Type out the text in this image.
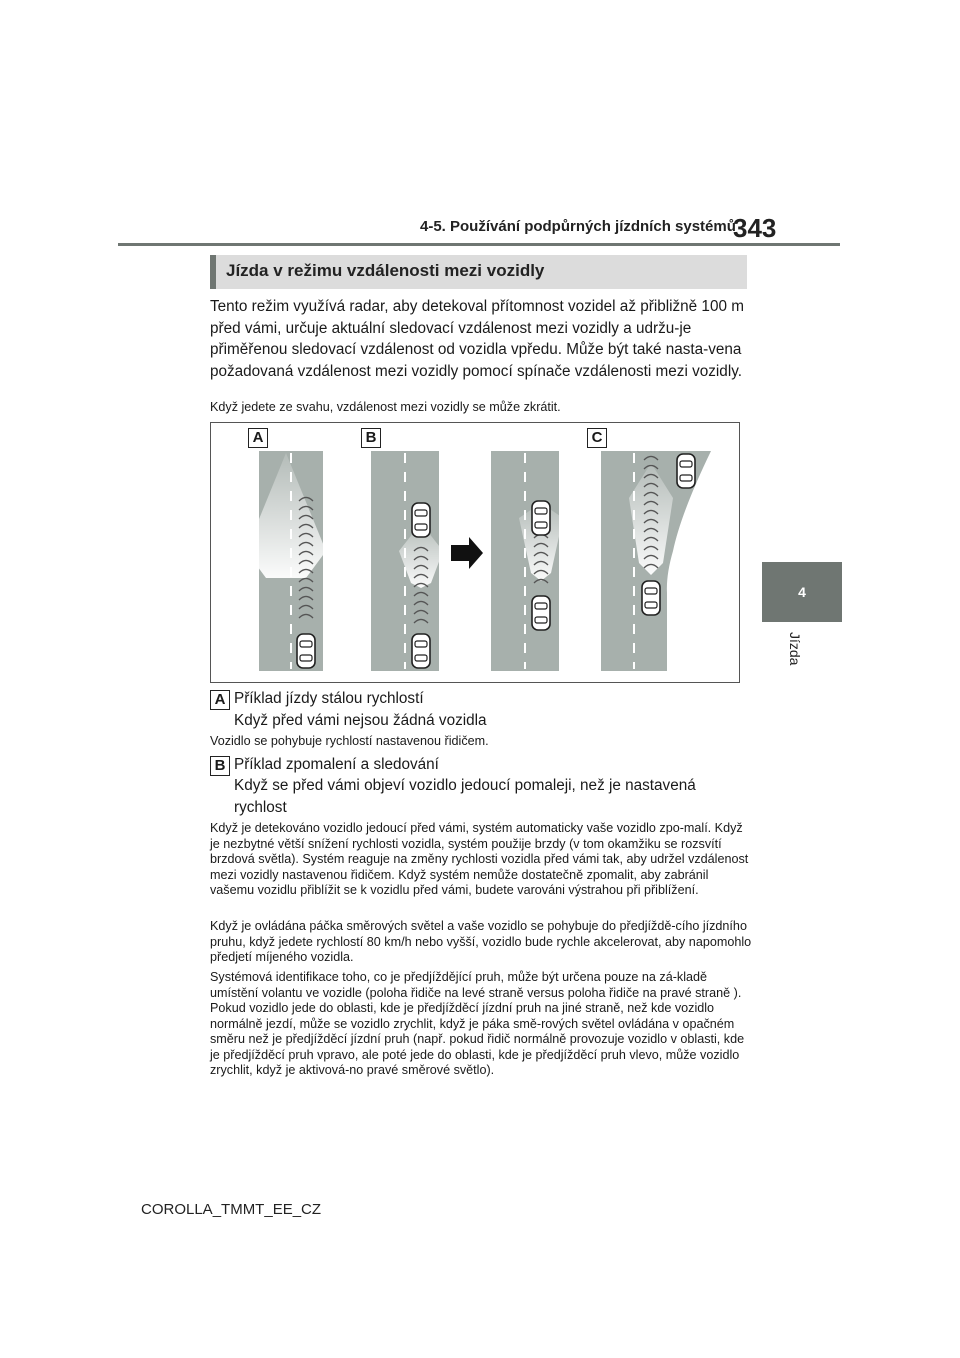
4-5. Používání podpůrných jízdních systémů
343
4
Jízda
Jízda v režimu vzdálenosti mezi vozidly
Tento režim využívá radar, aby detekoval přítomnost vozidel až přibližně 100 m před vámi, určuje aktuální sledovací vzdálenost mezi vozidly a udržu-je přiměřenou sledovací vzdálenost od vozidla vpředu. Může být také nasta-vena požadovaná vzdálenost mezi vozidly pomocí spínače vzdálenosti mezi vozidly.
Když jedete ze svahu, vzdálenost mezi vozidly se může zkrátit.
A	B	C
A Příklad jízdy stálou rychlostí
Když před vámi nejsou žádná vozidla
Vozidlo se pohybuje rychlostí nastavenou řidičem.
B Příklad zpomalení a sledování
Když se před vámi objeví vozidlo jedoucí pomaleji, než je nastavená rychlost
Když je detekováno vozidlo jedoucí před vámi, systém automaticky vaše vozidlo zpo-malí. Když je nezbytné větší snížení rychlosti vozidla, systém použije brzdy (v tom okamžiku se rozsvítí brzdová světla). Systém reaguje na změny rychlosti vozidla před vámi tak, aby udržel vzdálenost mezi vozidly nastavenou řidičem. Když systém nemůže dostatečně zpomalit, aby zabránil vašemu vozidlu přiblížit se k vozidlu před vámi, budete varováni výstrahou při přiblížení.
Když je ovládána páčka směrových světel a vaše vozidlo se pohybuje do předjíždě-cího jízdního pruhu, když jedete rychlostí 80 km/h nebo vyšší, vozidlo bude rychle akcelerovat, aby napomohlo předjetí míjeného vozidla.
Systémová identifikace toho, co je předjíždějící pruh, může být určena pouze na zá-kladě umístění volantu ve vozidle (poloha řidiče na levé straně versus poloha řidiče na pravé straně ). Pokud vozidlo jede do oblasti, kde je předjížděcí jízdní pruh na jiné straně, než kde vozidlo normálně jezdí, může se vozidlo zrychlit, když je páka smě-rových světel ovládána v opačném směru než je předjížděcí jízdní pruh (např. pokud řidič normálně provozuje vozidlo v oblasti, kde je předjížděcí pruh vpravo, ale poté jede do oblasti, kde je předjížděcí pruh vlevo, může vozidlo zrychlit, když je aktivová-no pravé směrové světlo).
COROLLA_TMMT_EE_CZ
